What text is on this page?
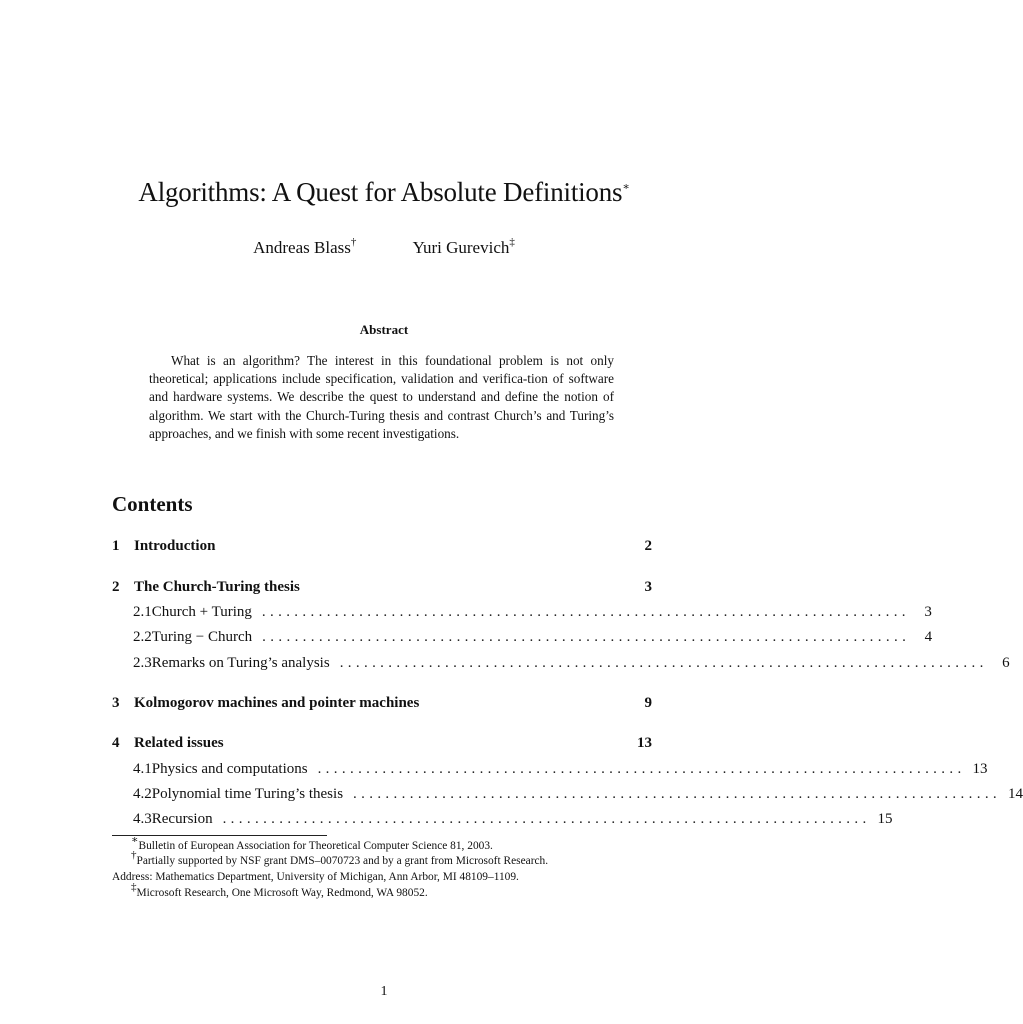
Algorithms: A Quest for Absolute Definitions∗
Andreas Blass†	Yuri Gurevich‡
Abstract
What is an algorithm? The interest in this foundational problem is not only theoretical; applications include specification, validation and verifica-tion of software and hardware systems. We describe the quest to understand and define the notion of algorithm. We start with the Church-Turing thesis and contrast Church’s and Turing’s approaches, and we finish with some recent investigations.
Contents
1 Introduction	2
2 The Church-Turing thesis	3
2.1 Church + Turing . . . . . . . . . . . . . . . . . . . . . . . . . . . . . . . . . . . . . . . . . . . . . . . . . . . . . . . . . . . . . . . . . . . . . . . . . . . . . . . .	3
2.2 Turing − Church . . . . . . . . . . . . . . . . . . . . . . . . . . . . . . . . . . . . . . . . . . . . . . . . . . . . . . . . . . . . . . . . . . . . . . . . . . . . . . . .	4
2.3 Remarks on Turing’s analysis . . . . . . . . . . . . . . . . . . . . . . . . . . . . . . . . . . . . . . . . . . . . . . . . . . . . . . . . . . . . . . . . . . . . . . . . . . . . . . . .	6
3 Kolmogorov machines and pointer machines	9
4 Related issues	13
4.1 Physics and computations . . . . . . . . . . . . . . . . . . . . . . . . . . . . . . . . . . . . . . . . . . . . . . . . . . . . . . . . . . . . . . . . . . . . . . . . . . . . . . . . 13
4.2 Polynomial time Turing’s thesis . . . . . . . . . . . . . . . . . . . . . . . . . . . . . . . . . . . . . . . . . . . . . . . . . . . . . . . . . . . . . . . . . . . . . . . . . . . . . . . . 14
4.3 Recursion . . . . . . . . . . . . . . . . . . . . . . . . . . . . . . . . . . . . . . . . . . . . . . . . . . . . . . . . . . . . . . . . . . . . . . . . . . . . . . . . 15
∗Bulletin of European Association for Theoretical Computer Science 81, 2003.
†Partially supported by NSF grant DMS–0070723 and by a grant from Microsoft Research.
Address: Mathematics Department, University of Michigan, Ann Arbor, MI 48109–1109.
‡Microsoft Research, One Microsoft Way, Redmond, WA 98052.
1
